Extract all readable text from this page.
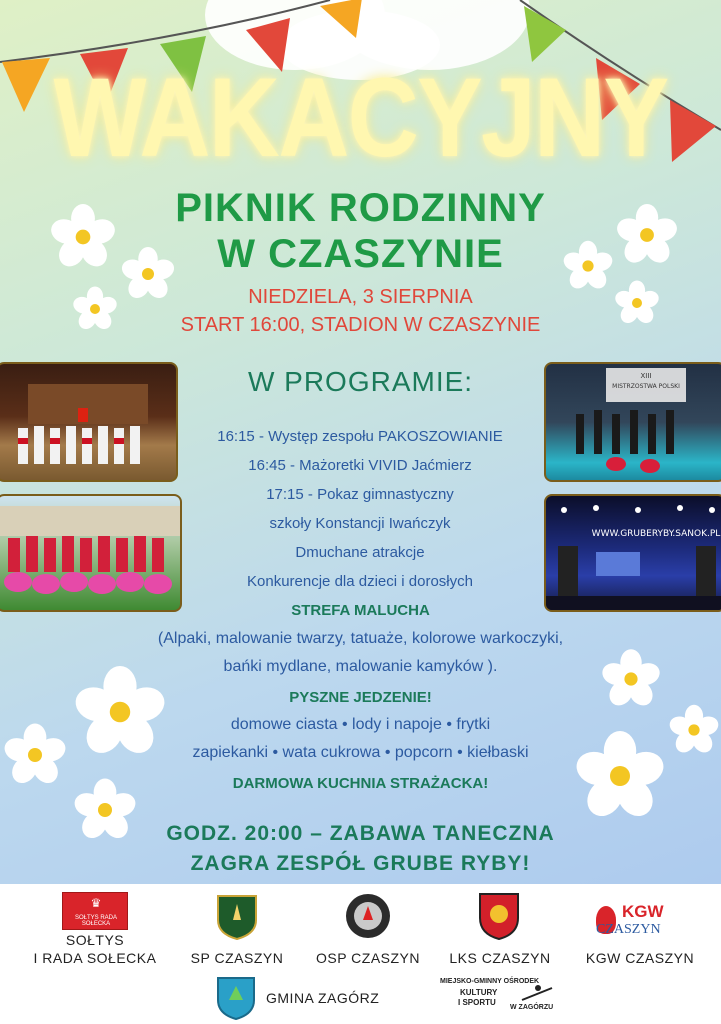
WAKACYJNY
PIKNIK RODZINNY
W CZASZYNIE
NIEDZIELA, 3 SIERPNIA
START 16:00, STADION W CZASZYNIE
XIII
MISTRZOSTWA POLSKI
WWW.GRUBERYBY.SANOK.PL
W PROGRAMIE:
16:15 - Występ zespołu PAKOSZOWIANIE
16:45 - Mażoretki VIVID Jaćmierz
17:15 - Pokaz gimnastyczny
szkoły Konstancji Iwańczyk
Dmuchane atrakcje
Konkurencje dla dzieci i dorosłych
STREFA MALUCHA
(Alpaki, malowanie twarzy, tatuaże, kolorowe warkoczyki,
bańki mydlane, malowanie kamyków ).
PYSZNE JEDZENIE!
domowe ciasta • lody i napoje • frytki
zapiekanki • wata cukrowa • popcorn • kiełbaski
DARMOWA KUCHNIA STRAŻACKA!
GODZ. 20:00 – ZABAWA TANECZNA
ZAGRA ZESPÓŁ GRUBE RYBY!
♛
SOŁTYS RADA SOŁECKA
SOŁTYS
I RADA SOŁECKA	SP CZASZYN	OSP CZASZYN	LKS CZASZYN
KGW
CZASZYN
KGW CZASZYN
GMINA ZAGÓRZ
MIEJSKO-GMINNY OŚRODEK
KULTURY
I SPORTU
W ZAGÓRZU
